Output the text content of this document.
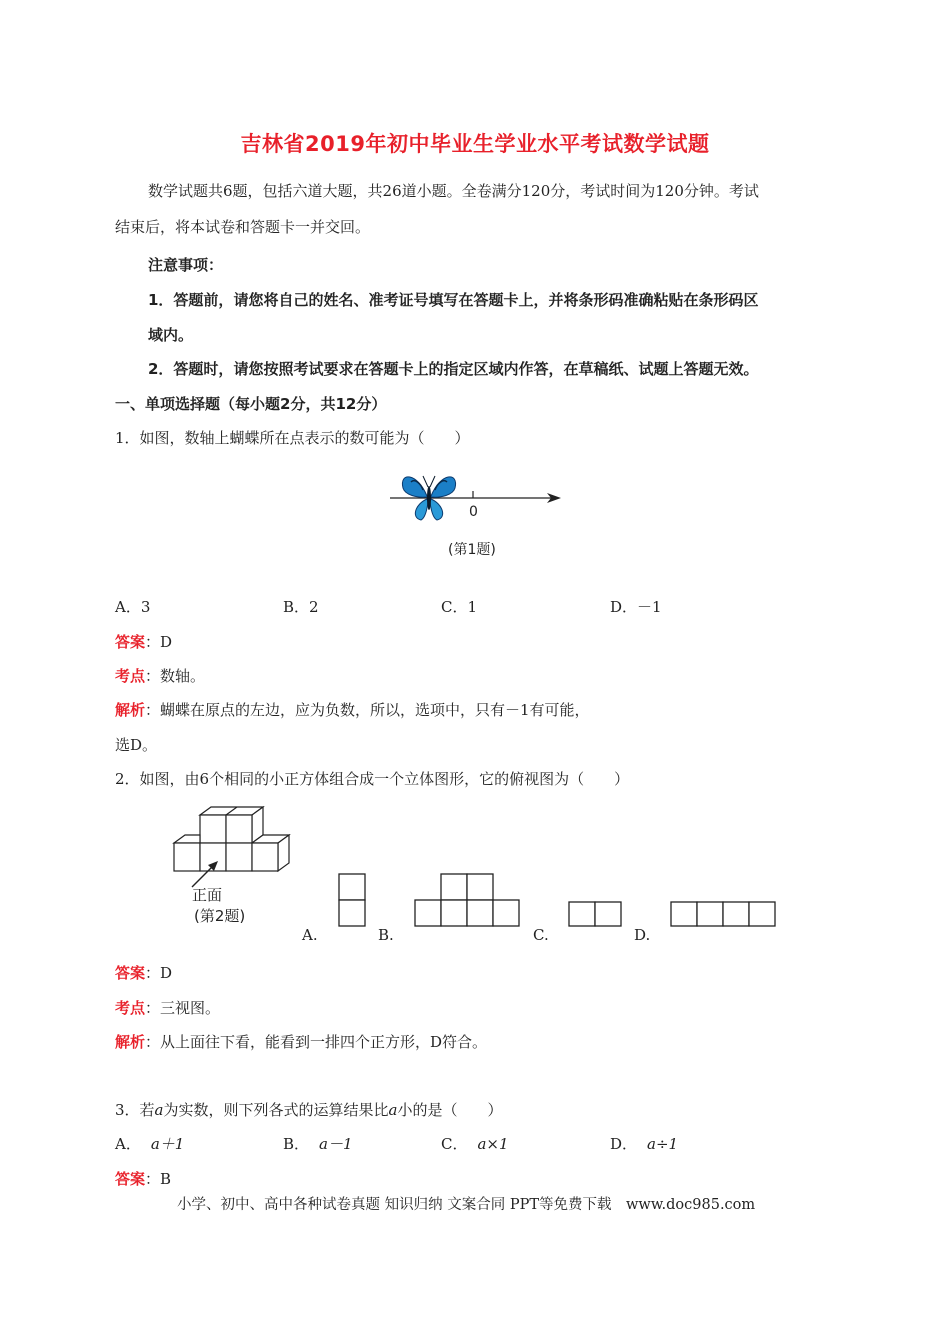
吉林省2019年初中毕业生学业水平考试数学试题
数学试题共6题，包括六道大题，共26道小题。全卷满分120分，考试时间为120分钟。考试
结束后，将本试卷和答题卡一并交回。
注意事项：
1．答题前，请您将自己的姓名、准考证号填写在答题卡上，并将条形码准确粘贴在条形码区
域内。
2．答题时，请您按照考试要求在答题卡上的指定区域内作答，在草稿纸、试题上答题无效。
一、单项选择题（每小题2分，共12分）
1．如图，数轴上蝴蝶所在点表示的数可能为（　　）
0
(第1题)
A．3	B．2	C．1	D．－1
答案：D
考点：数轴。
解析：蝴蝶在原点的左边，应为负数，所以，选项中，只有－1有可能，
选D。
2．如图，由6个相同的小正方体组合成一个立体图形，它的俯视图为（　　）
正面
(第2题)
A.	B.	C.	D.
答案：D
考点：三视图。
解析：从上面往下看，能看到一排四个正方形，D符合。
3．若a为实数，则下列各式的运算结果比a小的是（　　）
A． a＋1	B． a－1	C． a×1	D． a÷1
答案：B
小学、初中、高中各种试卷真题 知识归纳 文案合同 PPT等免费下载　www.doc985.com
